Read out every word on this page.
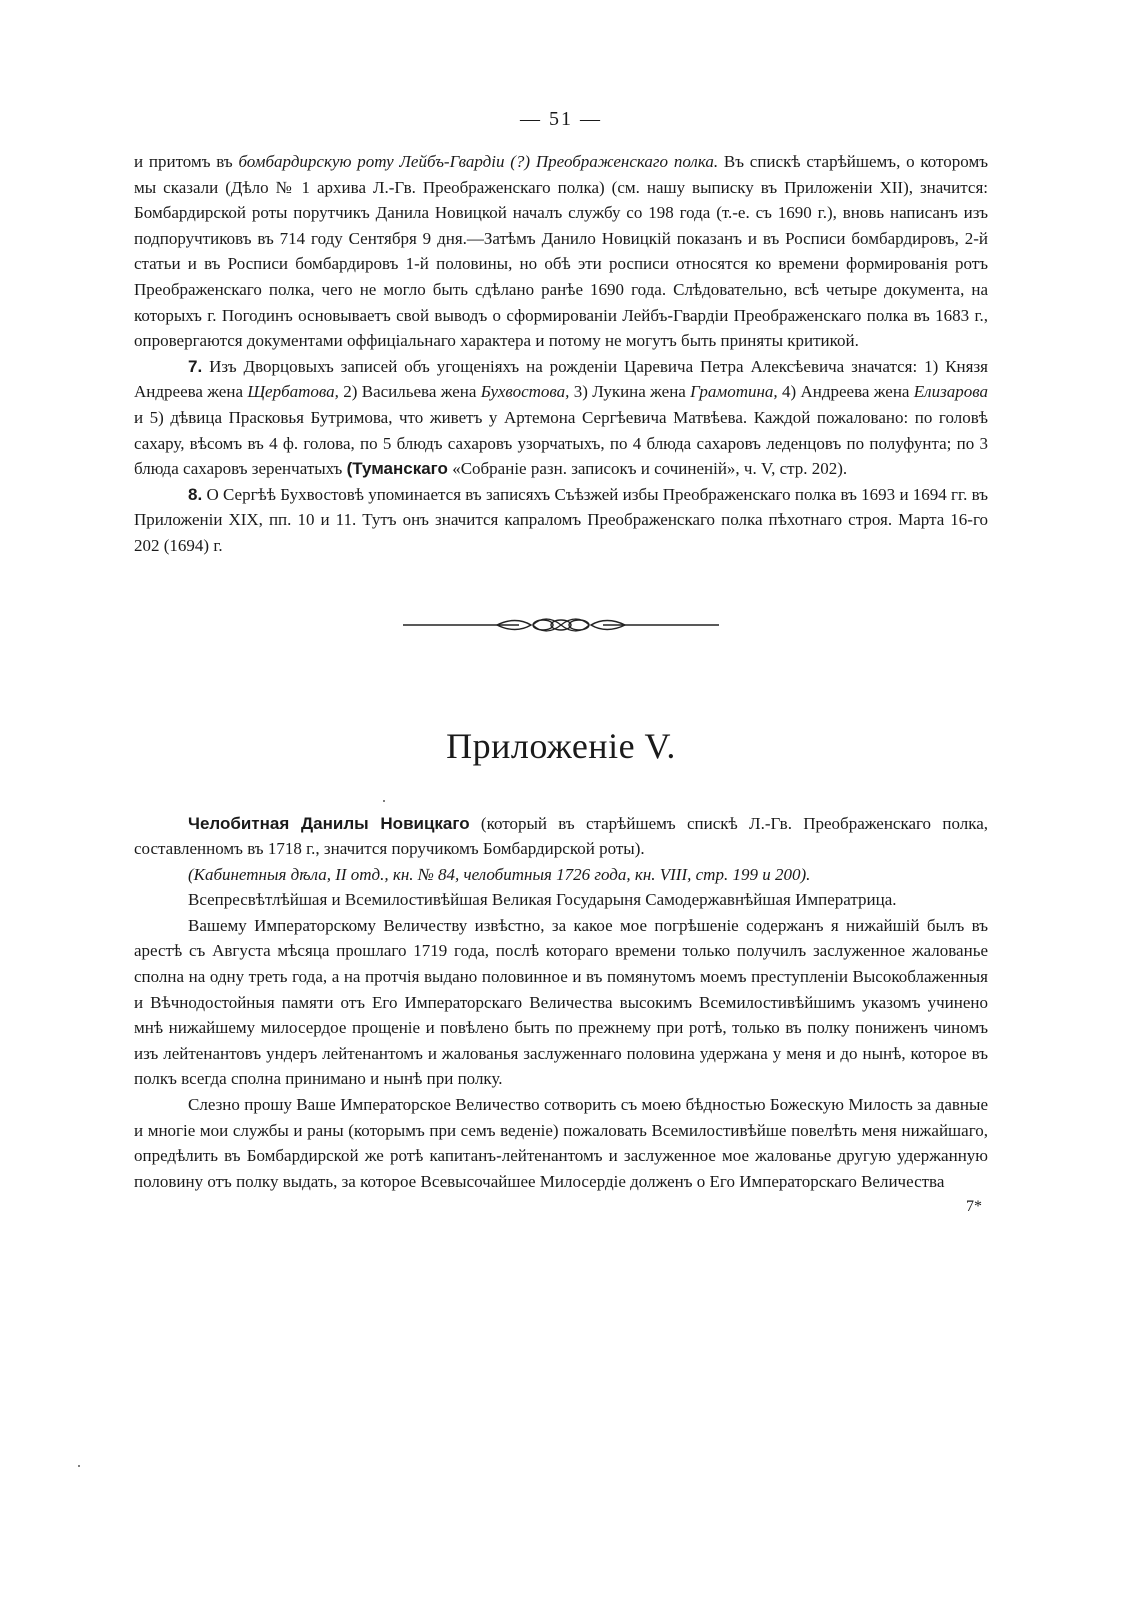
— 51 —

и притомъ въ бомбардирскую роту Лейбъ-Гвардіи (?) Преображенскаго полка. Въ спискѣ старѣйшемъ, о которомъ мы сказали (Дѣло № 1 архива Л.-Гв. Преображенскаго полка) (см. нашу выписку въ Приложеніи XII), значится: Бомбардирской роты порутчикъ Данила Новицкой началъ службу со 198 года (т.-е. съ 1690 г.), вновь написанъ изъ подпоручтиковъ въ 714 году Сентября 9 дня.—Затѣмъ Данило Новицкій показанъ и въ Росписи бомбардировъ, 2-й статьи и въ Росписи бомбардировъ 1-й половины, но обѣ эти росписи относятся ко времени формированія ротъ Преображенскаго полка, чего не могло быть сдѣлано ранѣе 1690 года. Слѣдовательно, всѣ четыре документа, на которыхъ г. Погодинъ основываетъ свой выводъ о сформированіи Лейбъ-Гвардіи Преображенскаго полка въ 1683 г., опровергаются документами оффиціальнаго характера и потому не могутъ быть приняты критикой.

7. Изъ Дворцовыхъ записей объ угощеніяхъ на рожденіи Царевича Петра Алексѣевича значатся: 1) Князя Андреева жена Щербатова, 2) Васильева жена Бухвостова, 3) Лукина жена Грамотина, 4) Андреева жена Елизарова и 5) дѣвица Прасковья Бутримова, что живетъ у Артемона Сергѣевича Матвѣева. Каждой пожаловано: по головѣ сахару, вѣсомъ въ 4 ф. голова, по 5 блюдъ сахаровъ узорчатыхъ, по 4 блюда сахаровъ леденцовъ по полуфунта; по 3 блюда сахаровъ зеренчатыхъ (Туманскаго «Собраніе разн. записокъ и сочиненій», ч. V, стр. 202).

8. О Сергѣѣ Бухвостовѣ упоминается въ записяхъ Съѣзжей избы Преображенскаго полка въ 1693 и 1694 гг. въ Приложеніи XIX, пп. 10 и 11. Тутъ онъ значится капраломъ Преображенскаго полка пѣхотнаго строя. Марта 16-го 202 (1694) г.

Приложеніе V.

Челобитная Данилы Новицкаго (который въ старѣйшемъ спискѣ Л.-Гв. Преображенскаго полка, составленномъ въ 1718 г., значится поручикомъ Бомбардирской роты).

(Кабинетныя дѣла, II отд., кн. № 84, челобитныя 1726 года, кн. VIII, стр. 199 и 200).

Всепресвѣтлѣйшая и Всемилостивѣйшая Великая Государыня Самодержавнѣйшая Императрица.

Вашему Императорскому Величеству извѣстно, за какое мое погрѣшеніе содержанъ я нижайшій былъ въ арестѣ съ Августа мѣсяца прошлаго 1719 года, послѣ котораго времени только получилъ заслуженное жалованье сполна на одну треть года, а на протчія выдано половинное и въ помянутомъ моемъ преступленіи Высокоблаженныя и Вѣчнодостойныя памяти отъ Его Императорскаго Величества высокимъ Всемилостивѣйшимъ указомъ учинено мнѣ нижайшему милосердое прощеніе и повѣлено быть по прежнему при ротѣ, только въ полку пониженъ чиномъ изъ лейтенантовъ ундеръ лейтенантомъ и жалованья заслуженнаго половина удержана у меня и до нынѣ, которое въ полкъ всегда сполна принимано и нынѣ при полку.

Слезно прошу Ваше Императорское Величество сотворить съ моею бѣдностью Божескую Милость за давные и многіе мои службы и раны (которымъ при семъ веденіе) пожаловать Всемилостивѣйше повелѣть меня нижайшаго, опредѣлить въ Бомбардирской же ротѣ капитанъ-лейтенантомъ и заслуженное мое жалованье другую удержанную половину отъ полку выдать, за которое Всевысочайшее Милосердіе долженъ о Его Императорскаго Величества

7*
